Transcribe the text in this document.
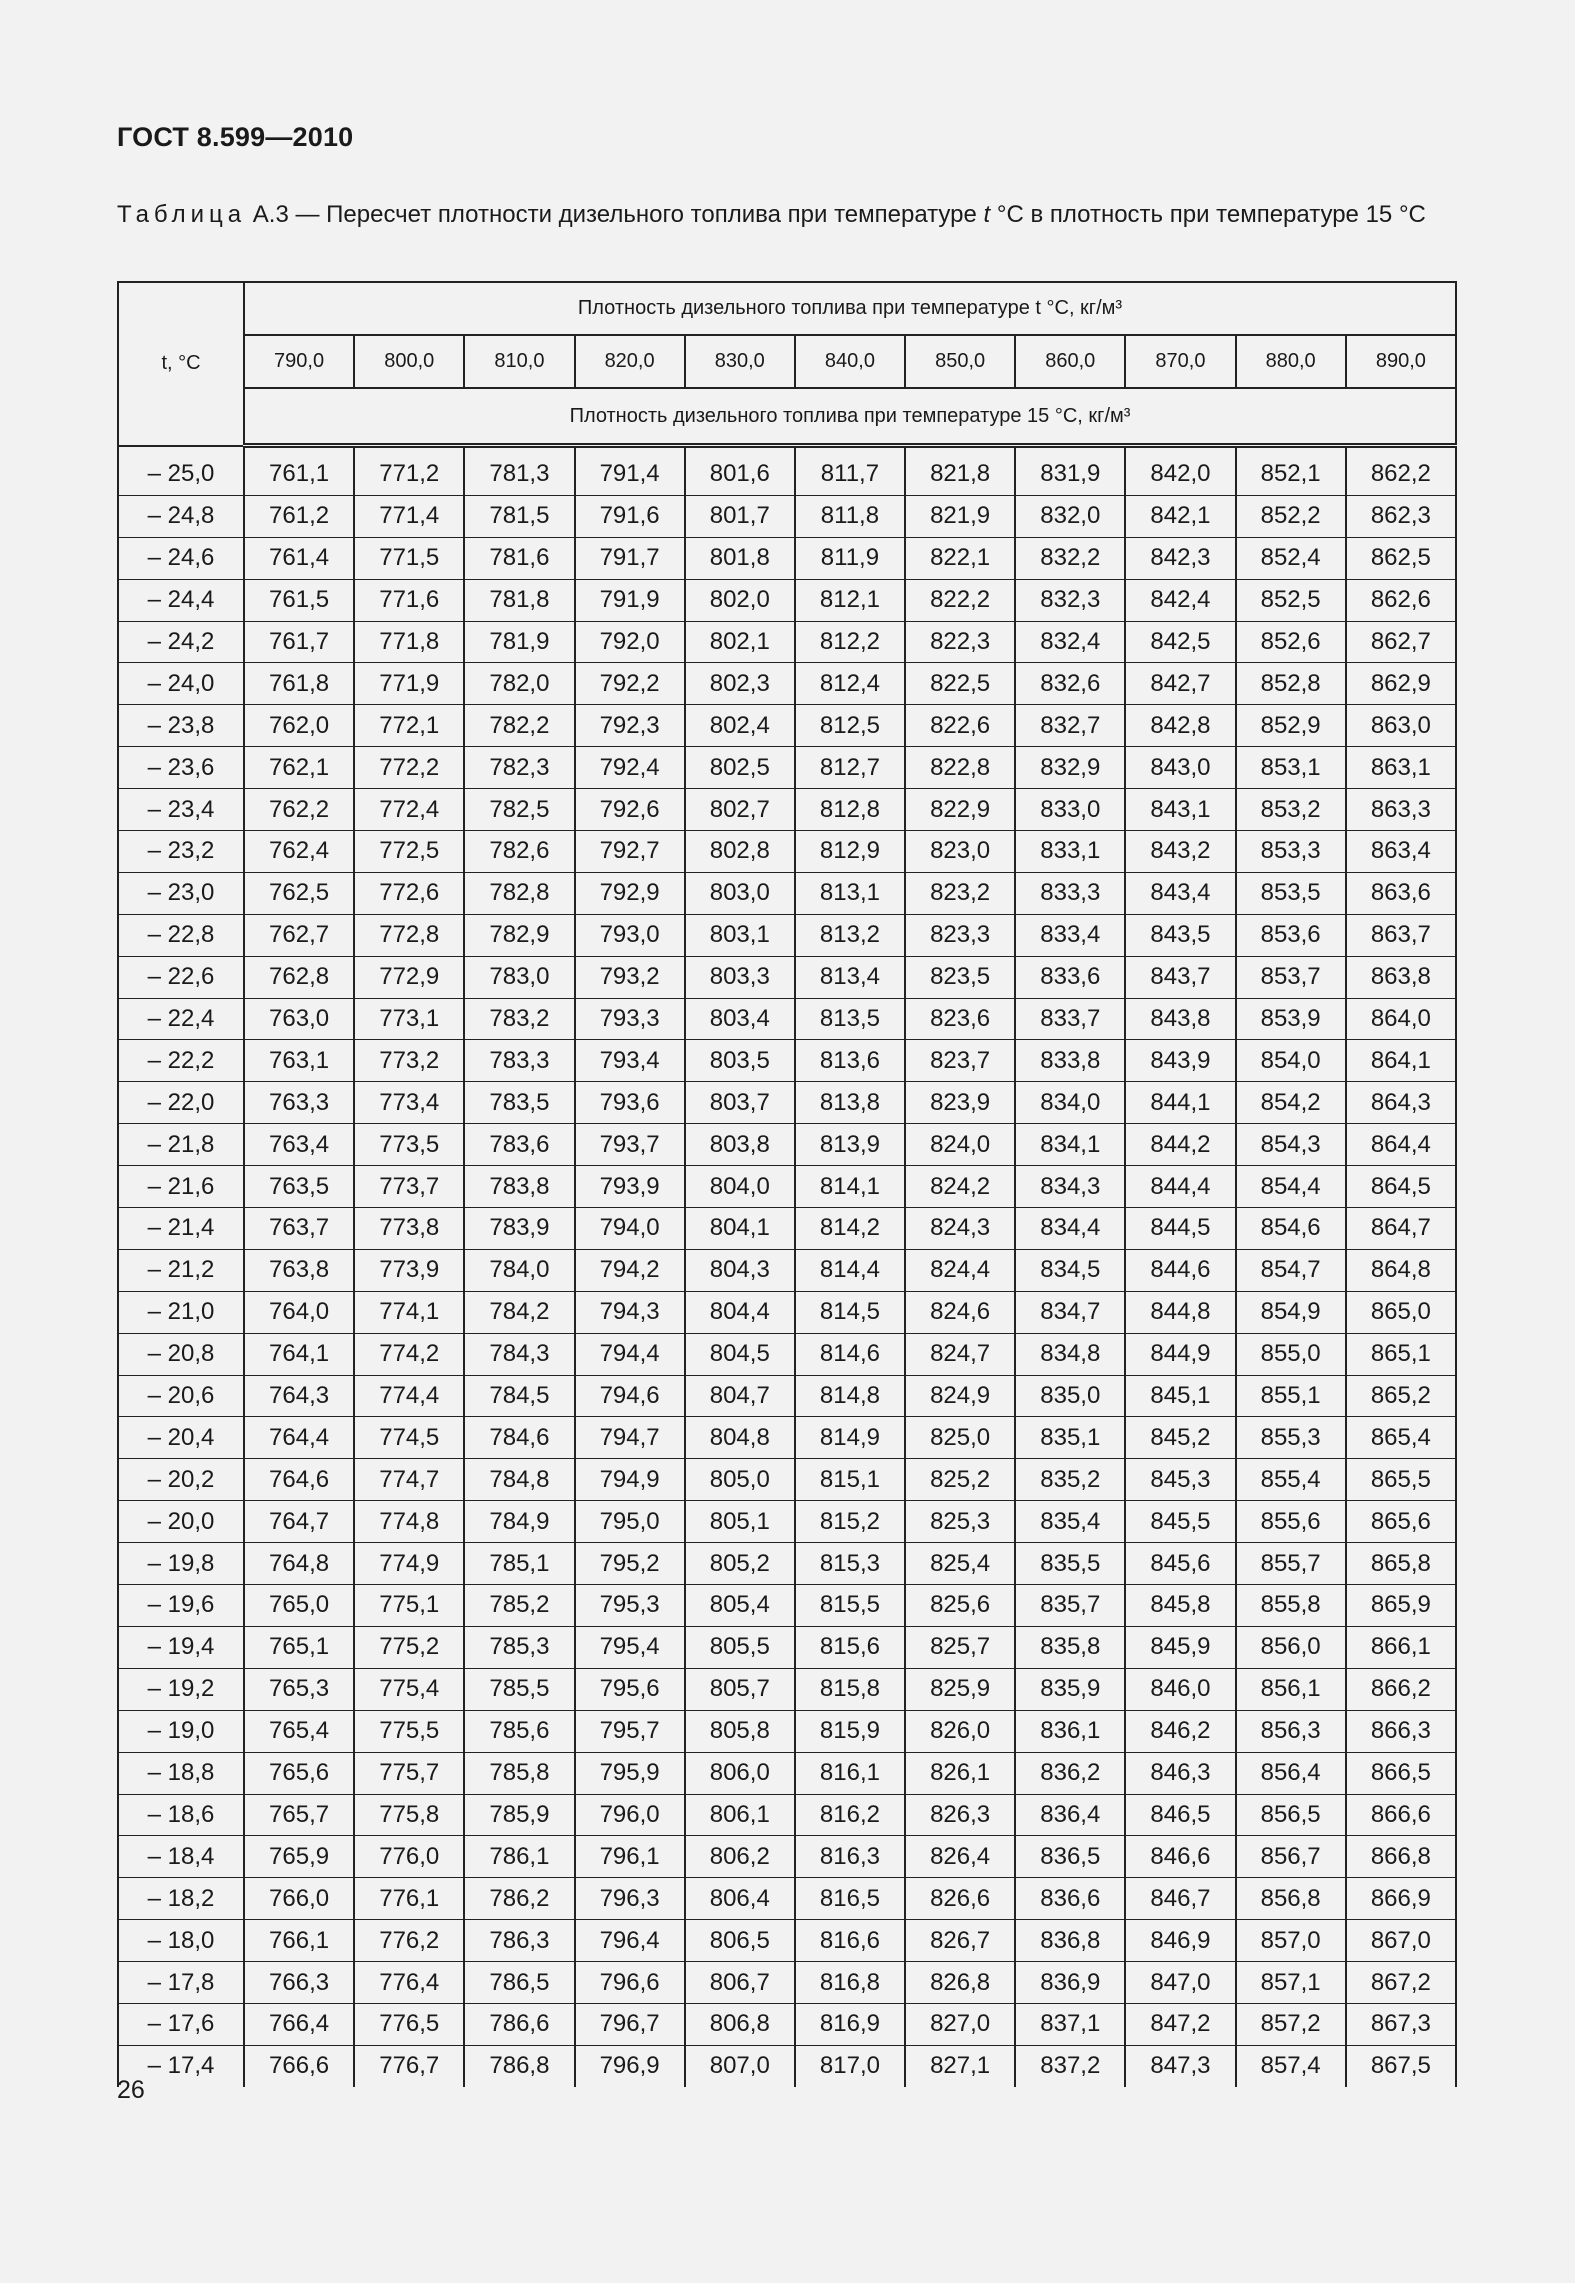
ГОСТ 8.599—2010
Таблица А.3 — Пересчет плотности дизельного топлива при температуре t °С в плотность при температуре 15 °С
t, °С	Плотность дизельного топлива при температуре t °С, кг/м³										
	790,0	800,0	810,0	820,0	830,0	840,0	850,0	860,0	870,0	880,0	890,0
	Плотность дизельного топлива при температуре 15 °С, кг/м³										
– 25,0	761,1	771,2	781,3	791,4	801,6	811,7	821,8	831,9	842,0	852,1	862,2
– 24,8	761,2	771,4	781,5	791,6	801,7	811,8	821,9	832,0	842,1	852,2	862,3
– 24,6	761,4	771,5	781,6	791,7	801,8	811,9	822,1	832,2	842,3	852,4	862,5
– 24,4	761,5	771,6	781,8	791,9	802,0	812,1	822,2	832,3	842,4	852,5	862,6
– 24,2	761,7	771,8	781,9	792,0	802,1	812,2	822,3	832,4	842,5	852,6	862,7
– 24,0	761,8	771,9	782,0	792,2	802,3	812,4	822,5	832,6	842,7	852,8	862,9
– 23,8	762,0	772,1	782,2	792,3	802,4	812,5	822,6	832,7	842,8	852,9	863,0
– 23,6	762,1	772,2	782,3	792,4	802,5	812,7	822,8	832,9	843,0	853,1	863,1
– 23,4	762,2	772,4	782,5	792,6	802,7	812,8	822,9	833,0	843,1	853,2	863,3
– 23,2	762,4	772,5	782,6	792,7	802,8	812,9	823,0	833,1	843,2	853,3	863,4
– 23,0	762,5	772,6	782,8	792,9	803,0	813,1	823,2	833,3	843,4	853,5	863,6
– 22,8	762,7	772,8	782,9	793,0	803,1	813,2	823,3	833,4	843,5	853,6	863,7
– 22,6	762,8	772,9	783,0	793,2	803,3	813,4	823,5	833,6	843,7	853,7	863,8
– 22,4	763,0	773,1	783,2	793,3	803,4	813,5	823,6	833,7	843,8	853,9	864,0
– 22,2	763,1	773,2	783,3	793,4	803,5	813,6	823,7	833,8	843,9	854,0	864,1
– 22,0	763,3	773,4	783,5	793,6	803,7	813,8	823,9	834,0	844,1	854,2	864,3
– 21,8	763,4	773,5	783,6	793,7	803,8	813,9	824,0	834,1	844,2	854,3	864,4
– 21,6	763,5	773,7	783,8	793,9	804,0	814,1	824,2	834,3	844,4	854,4	864,5
– 21,4	763,7	773,8	783,9	794,0	804,1	814,2	824,3	834,4	844,5	854,6	864,7
– 21,2	763,8	773,9	784,0	794,2	804,3	814,4	824,4	834,5	844,6	854,7	864,8
– 21,0	764,0	774,1	784,2	794,3	804,4	814,5	824,6	834,7	844,8	854,9	865,0
– 20,8	764,1	774,2	784,3	794,4	804,5	814,6	824,7	834,8	844,9	855,0	865,1
– 20,6	764,3	774,4	784,5	794,6	804,7	814,8	824,9	835,0	845,1	855,1	865,2
– 20,4	764,4	774,5	784,6	794,7	804,8	814,9	825,0	835,1	845,2	855,3	865,4
– 20,2	764,6	774,7	784,8	794,9	805,0	815,1	825,2	835,2	845,3	855,4	865,5
– 20,0	764,7	774,8	784,9	795,0	805,1	815,2	825,3	835,4	845,5	855,6	865,6
– 19,8	764,8	774,9	785,1	795,2	805,2	815,3	825,4	835,5	845,6	855,7	865,8
– 19,6	765,0	775,1	785,2	795,3	805,4	815,5	825,6	835,7	845,8	855,8	865,9
– 19,4	765,1	775,2	785,3	795,4	805,5	815,6	825,7	835,8	845,9	856,0	866,1
– 19,2	765,3	775,4	785,5	795,6	805,7	815,8	825,9	835,9	846,0	856,1	866,2
– 19,0	765,4	775,5	785,6	795,7	805,8	815,9	826,0	836,1	846,2	856,3	866,3
– 18,8	765,6	775,7	785,8	795,9	806,0	816,1	826,1	836,2	846,3	856,4	866,5
– 18,6	765,7	775,8	785,9	796,0	806,1	816,2	826,3	836,4	846,5	856,5	866,6
– 18,4	765,9	776,0	786,1	796,1	806,2	816,3	826,4	836,5	846,6	856,7	866,8
– 18,2	766,0	776,1	786,2	796,3	806,4	816,5	826,6	836,6	846,7	856,8	866,9
– 18,0	766,1	776,2	786,3	796,4	806,5	816,6	826,7	836,8	846,9	857,0	867,0
– 17,8	766,3	776,4	786,5	796,6	806,7	816,8	826,8	836,9	847,0	857,1	867,2
– 17,6	766,4	776,5	786,6	796,7	806,8	816,9	827,0	837,1	847,2	857,2	867,3
– 17,4	766,6	776,7	786,8	796,9	807,0	817,0	827,1	837,2	847,3	857,4	867,5
26
